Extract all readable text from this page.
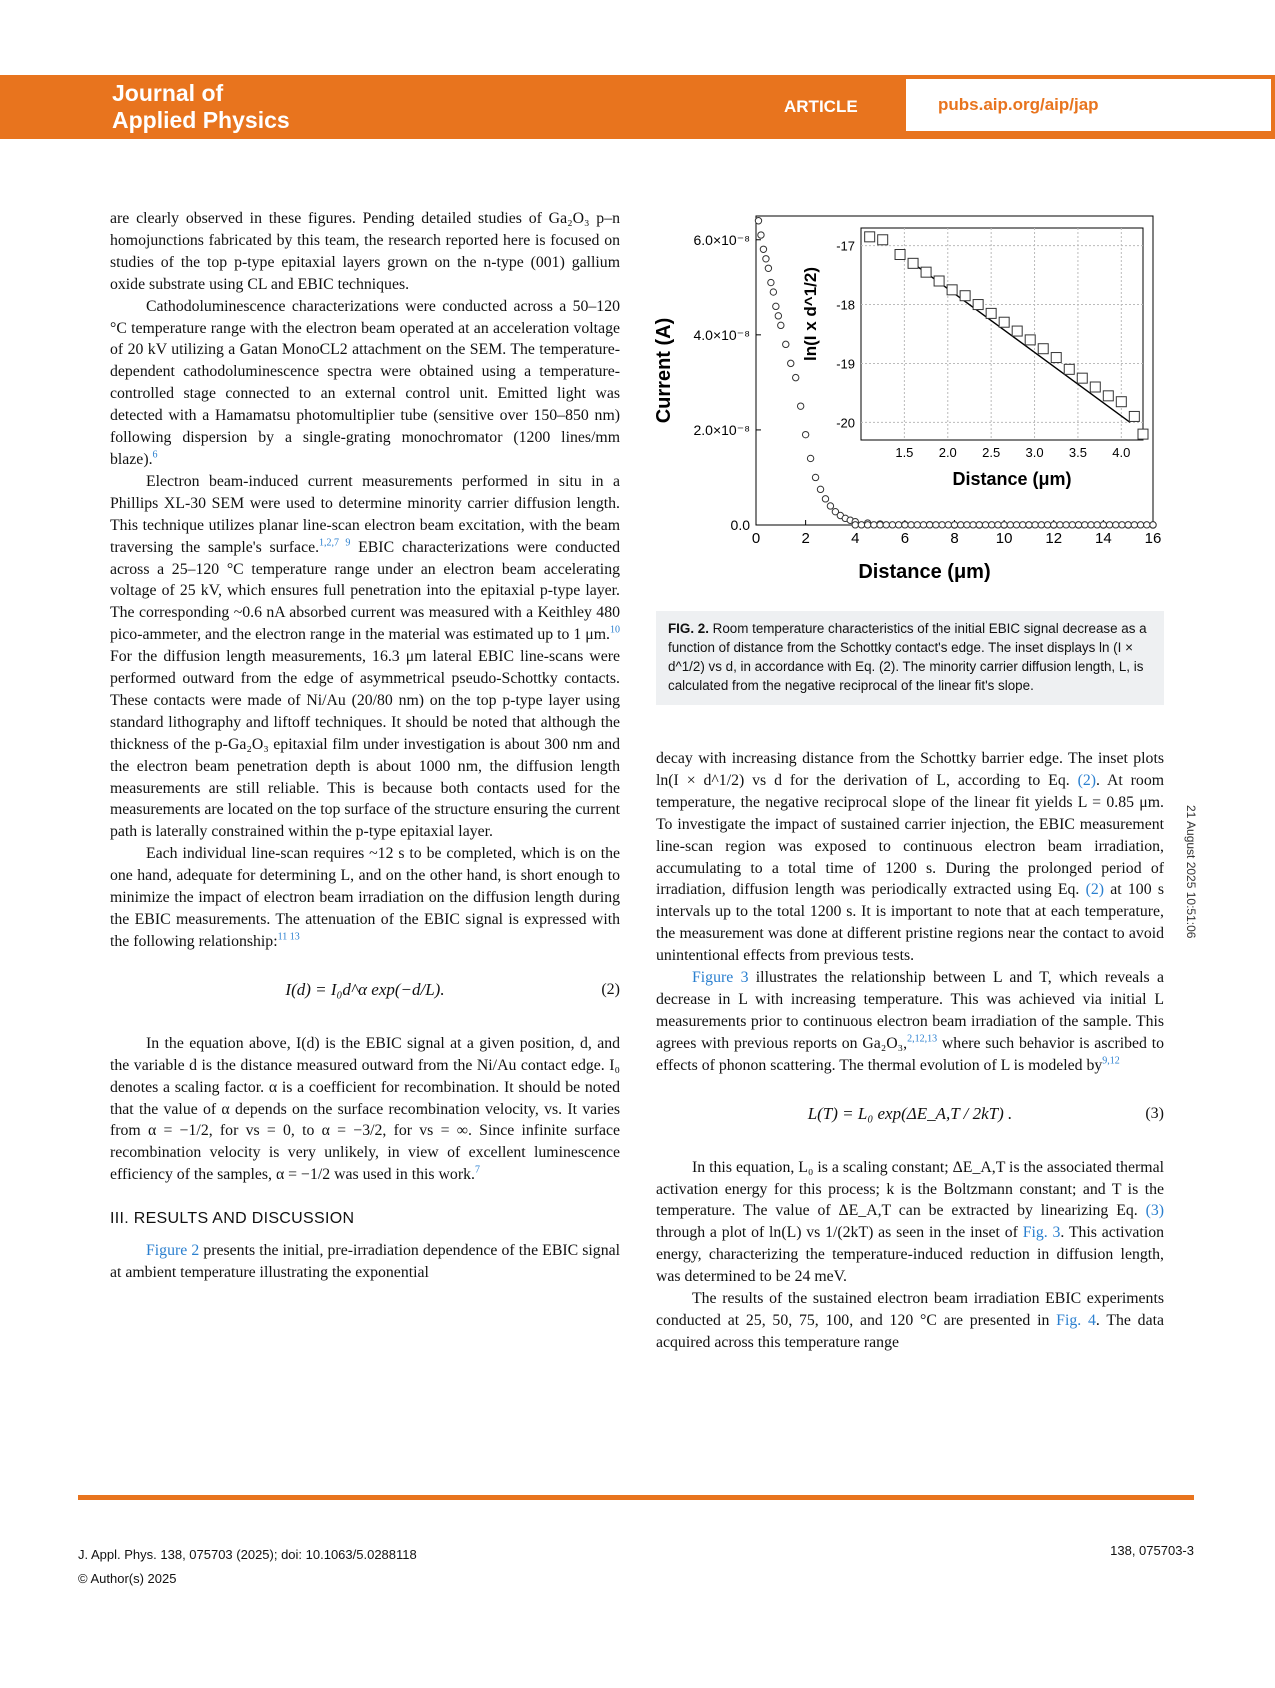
Journal of
Applied Physics
ARTICLE	pubs.aip.org/aip/jap

are clearly observed in these figures. Pending detailed studies of Ga₂O₃ p–n homojunctions fabricated by this team, the research reported here is focused on studies of the top p-type epitaxial layers grown on the n-type (001) gallium oxide substrate using CL and EBIC techniques.

Cathodoluminescence characterizations were conducted across a 50–120 °C temperature range with the electron beam operated at an acceleration voltage of 20 kV utilizing a Gatan MonoCL2 attachment on the SEM. The temperature-dependent cathodoluminescence spectra were obtained using a temperature-controlled stage connected to an external control unit. Emitted light was detected with a Hamamatsu photomultiplier tube (sensitive over 150–850 nm) following dispersion by a single-grating monochromator (1200 lines/mm blaze).$^6$

Electron beam-induced current measurements performed in situ in a Phillips XL-30 SEM were used to determine minority carrier diffusion length. This technique utilizes planar line-scan electron beam excitation, with the beam traversing the sample's surface.$^{1,2,7 9}$ EBIC characterizations were conducted across a 25–120 °C temperature range under an electron beam accelerating voltage of 25 kV, which ensures full penetration into the epitaxial p-type layer. The corresponding ~0.6 nA absorbed current was measured with a Keithley 480 pico-ammeter, and the electron range in the material was estimated up to 1 μm.$^{10}$ For the diffusion length measurements, 16.3 μm lateral EBIC line-scans were performed outward from the edge of asymmetrical pseudo-Schottky contacts. These contacts were made of Ni/Au (20/80 nm) on the top p-type layer using standard lithography and liftoff techniques. It should be noted that although the thickness of the p-Ga₂O₃ epitaxial film under investigation is about 300 nm and the electron beam penetration depth is about 1000 nm, the diffusion length measurements are still reliable. This is because both contacts used for the measurements are located on the top surface of the structure ensuring the current path is laterally constrained within the p-type epitaxial layer.

Each individual line-scan requires ~12 s to be completed, which is on the one hand, adequate for determining L, and on the other hand, is short enough to minimize the impact of electron beam irradiation on the diffusion length during the EBIC measurements. The attenuation of the EBIC signal is expressed with the following relationship:$^{11 13}$

I(d) = I₀d^α exp(−d/L).	(2)

In the equation above, I(d) is the EBIC signal at a given position, d, and the variable d is the distance measured outward from the Ni/Au contact edge. I₀ denotes a scaling factor. α is a coefficient for recombination. It should be noted that the value of α depends on the surface recombination velocity, vs. It varies from α = −1/2, for vs = 0, to α = −3/2, for vs = ∞. Since infinite surface recombination velocity is very unlikely, in view of excellent luminescence efficiency of the samples, α = −1/2 was used in this work.$^7$

III. RESULTS AND DISCUSSION

Figure 2 presents the initial, pre-irradiation dependence of the EBIC signal at ambient temperature illustrating the exponential

0	2	4	6	8 10 12 14 16
0.0
2.0×10⁻⁸
4.0×10⁻⁸
6.0×10⁻⁸
Distance (μm)
Current (A)
1.5 2.0 2.5 3.0 3.5 4.0
-17
-18
-19
-20
Distance (μm)
ln(I x d^1/2)
FIG. 2. Room temperature characteristics of the initial EBIC signal decrease as a function of distance from the Schottky contact's edge. The inset displays ln (I × d^1/2) vs d, in accordance with Eq. (2). The minority carrier diffusion length, L, is calculated from the negative reciprocal of the linear fit's slope.

decay with increasing distance from the Schottky barrier edge. The inset plots ln(I × d^1/2) vs d for the derivation of L, according to Eq. (2). At room temperature, the negative reciprocal slope of the linear fit yields L = 0.85 μm. To investigate the impact of sustained carrier injection, the EBIC measurement line-scan region was exposed to continuous electron beam irradiation, accumulating to a total time of 1200 s. During the prolonged period of irradiation, diffusion length was periodically extracted using Eq. (2) at 100 s intervals up to the total 1200 s. It is important to note that at each temperature, the measurement was done at different pristine regions near the contact to avoid unintentional effects from previous tests.

Figure 3 illustrates the relationship between L and T, which reveals a decrease in L with increasing temperature. This was achieved via initial L measurements prior to continuous electron beam irradiation of the sample. This agrees with previous reports on Ga₂O₃,$^{2,12,13}$ where such behavior is ascribed to effects of phonon scattering. The thermal evolution of L is modeled by$^{9,12}$

L(T) = L₀ exp(ΔE_A,T / 2kT) .	(3)

In this equation, L₀ is a scaling constant; ΔE_A,T is the associated thermal activation energy for this process; k is the Boltzmann constant; and T is the temperature. The value of ΔE_A,T can be extracted by linearizing Eq. (3) through a plot of ln(L) vs 1/(2kT) as seen in the inset of Fig. 3. This activation energy, characterizing the temperature-induced reduction in diffusion length, was determined to be 24 meV.

The results of the sustained electron beam irradiation EBIC experiments conducted at 25, 50, 75, 100, and 120 °C are presented in Fig. 4. The data acquired across this temperature range

21 August 2025 10:51:06
J. Appl. Phys. 138, 075703 (2025); doi: 10.1063/5.0288118
© Author(s) 2025
138, 075703-3
